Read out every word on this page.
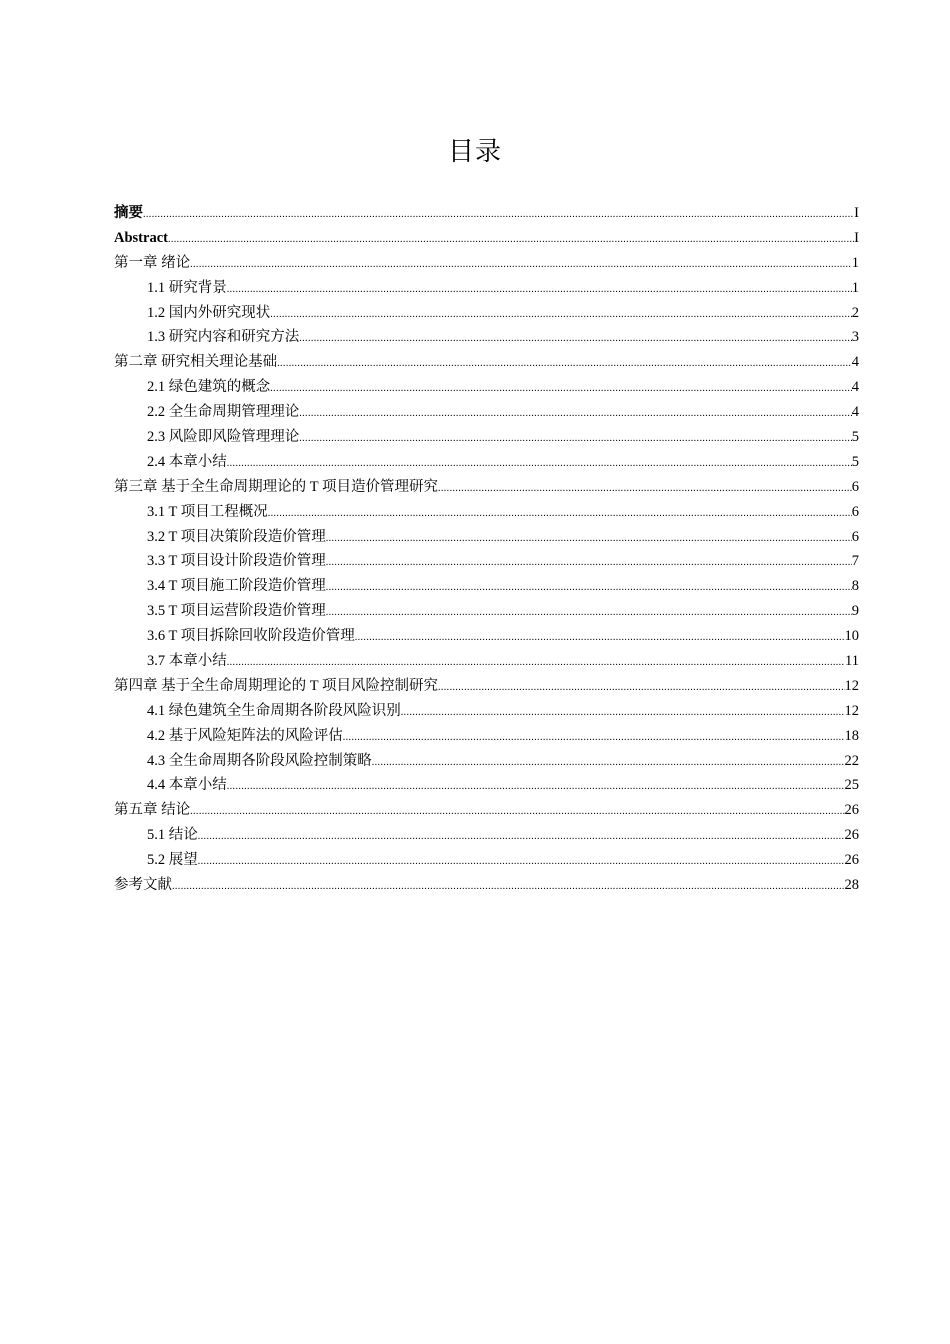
目录
摘要 .....	I
Abstract .....	I
第一章 绪论 .....	1
1.1 研究背景 .....	1
1.2 国内外研究现状 .....	2
1.3 研究内容和研究方法 .....	3
第二章 研究相关理论基础 .....	4
2.1 绿色建筑的概念 .....	4
2.2 全生命周期管理理论 .....	4
2.3 风险即风险管理理论 .....	5
2.4 本章小结 .....	5
第三章 基于全生命周期理论的 T 项目造价管理研究 .....	6
3.1 T 项目工程概况 .....	6
3.2 T 项目决策阶段造价管理 .....	6
3.3 T 项目设计阶段造价管理 .....	7
3.4 T 项目施工阶段造价管理 .....	8
3.5 T 项目运营阶段造价管理 .....	9
3.6 T 项目拆除回收阶段造价管理 .....	10
3.7 本章小结 .....	11
第四章 基于全生命周期理论的 T 项目风险控制研究 .....	12
4.1 绿色建筑全生命周期各阶段风险识别 .....	12
4.2 基于风险矩阵法的风险评估 .....	18
4.3 全生命周期各阶段风险控制策略 .....	22
4.4 本章小结 .....	25
第五章 结论 .....	26
5.1 结论 .....	26
5.2 展望 .....	26
参考文献 .....	28
